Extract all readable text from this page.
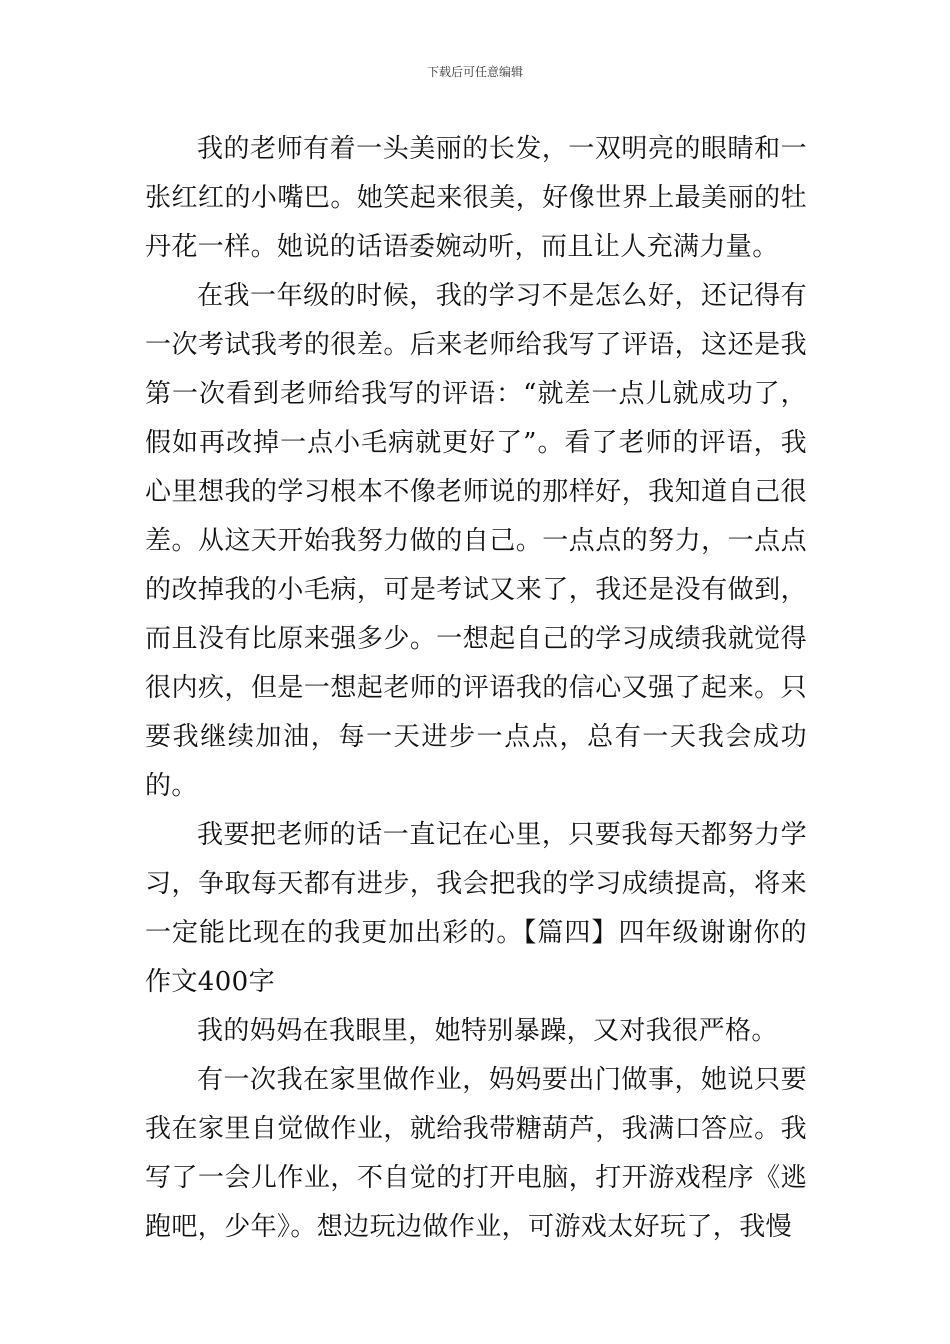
下载后可任意编辑

我的老师有着一头美丽的长发，一双明亮的眼睛和一张红红的小嘴巴。她笑起来很美，好像世界上最美丽的牡丹花一样。她说的话语委婉动听，而且让人充满力量。

在我一年级的时候，我的学习不是怎么好，还记得有一次考试我考的很差。后来老师给我写了评语，这还是我第一次看到老师给我写的评语：“就差一点儿就成功了，假如再改掉一点小毛病就更好了”。看了老师的评语，我心里想我的学习根本不像老师说的那样好，我知道自己很差。从这天开始我努力做的自己。一点点的努力，一点点的改掉我的小毛病，可是考试又来了，我还是没有做到，而且没有比原来强多少。一想起自己的学习成绩我就觉得很内疚，但是一想起老师的评语我的信心又强了起来。只要我继续加油，每一天进步一点点，总有一天我会成功的。

我要把老师的话一直记在心里，只要我每天都努力学习，争取每天都有进步，我会把我的学习成绩提高，将来一定能比现在的我更加出彩的。【篇四】四年级谢谢你的作文400字

我的妈妈在我眼里，她特别暴躁，又对我很严格。

有一次我在家里做作业，妈妈要出门做事，她说只要我在家里自觉做作业，就给我带糖葫芦，我满口答应。我写了一会儿作业，不自觉的打开电脑，打开游戏程序《逃跑吧，少年》。想边玩边做作业，可游戏太好玩了，我慢
